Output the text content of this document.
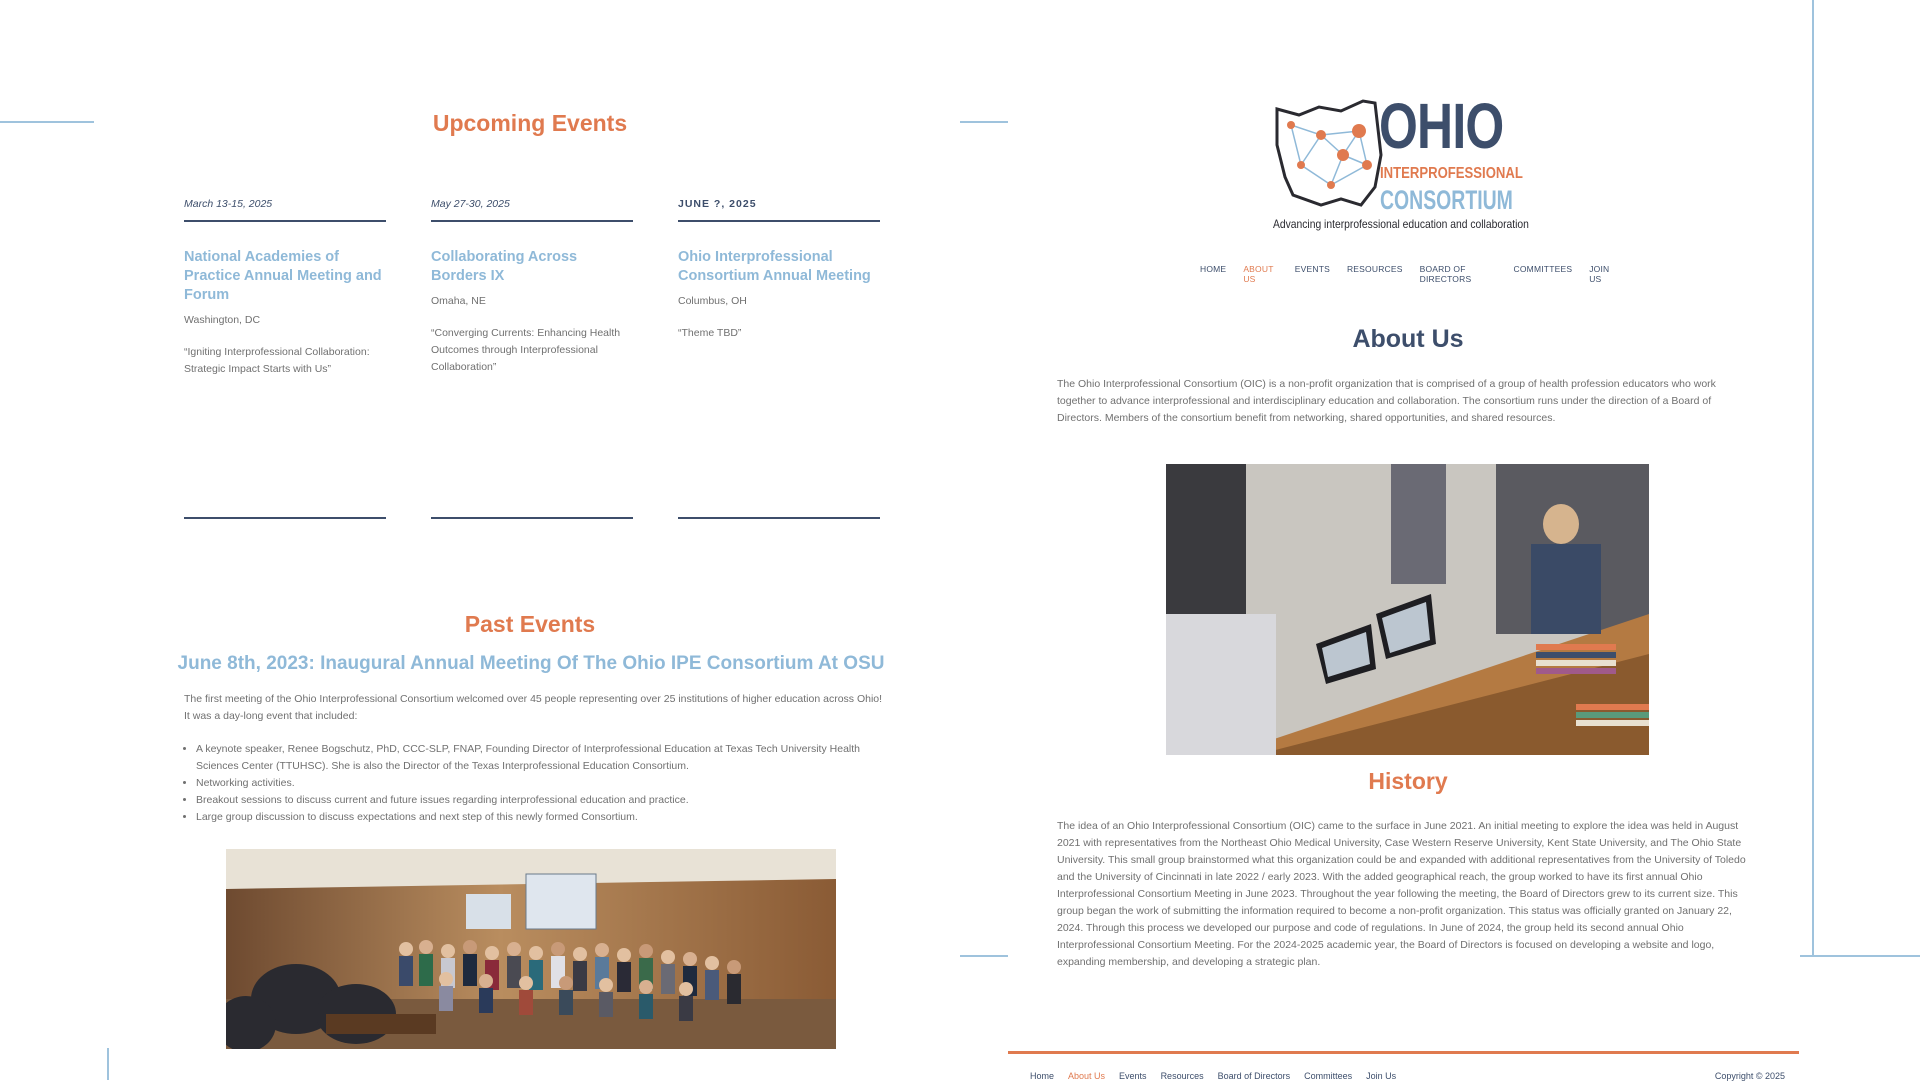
Upcoming Events
March 13-15, 2025
National Academies of Practice Annual Meeting and Forum
Washington, DC
“Igniting Interprofessional Collaboration: Strategic Impact Starts with Us”
May 27-30, 2025
Collaborating Across Borders IX
Omaha, NE
“Converging Currents: Enhancing Health Outcomes through Interprofessional Collaboration”
JUNE ?, 2025
Ohio Interprofessional Consortium Annual Meeting
Columbus, OH
“Theme TBD”
Past Events
June 8th, 2023: Inaugural Annual Meeting Of The Ohio IPE Consortium At OSU
The first meeting of the Ohio Interprofessional Consortium welcomed over 45 people representing over 25 institutions of higher education across Ohio! It was a day-long event that included:
• A keynote speaker, Renee Bogschutz, PhD, CCC-SLP, FNAP, Founding Director of Interprofessional Education at Texas Tech University Health Sciences Center (TTUHSC). She is also the Director of the Texas Interprofessional Education Consortium.
• Networking activities.
• Breakout sessions to discuss current and future issues regarding interprofessional education and practice.
• Large group discussion to discuss expectations and next step of this newly formed Consortium.
OHIO
INTERPROFESSIONAL
CONSORTIUM
Advancing interprofessional education and collaboration
HOME ABOUT US
EVENTS RESOURCES BOARD OF DIRECTORS
COMMITTEES JOIN US
About Us
The Ohio Interprofessional Consortium (OIC) is a non-profit organization that is comprised of a group of health profession educators who work together to advance interprofessional and interdisciplinary education and collaboration. The consortium runs under the direction of a Board of Directors. Members of the consortium benefit from networking, shared opportunities, and shared resources.
History
The idea of an Ohio Interprofessional Consortium (OIC) came to the surface in June 2021. An initial meeting to explore the idea was held in August 2021 with representatives from the Northeast Ohio Medical University, Case Western Reserve University, Kent State University, and The Ohio State University. This small group brainstormed what this organization could be and expanded with additional representatives from the University of Toledo and the University of Cincinnati in late 2022 / early 2023. With the added geographical reach, the group worked to have its first annual Ohio Interprofessional Consortium Meeting in June 2023. Throughout the year following the meeting, the Board of Directors grew to its current size. This group began the work of submitting the information required to become a non-profit organization. This status was officially granted on January 22, 2024. Through this process we developed our purpose and code of regulations. In June of 2024, the group held its second annual Ohio Interprofessional Consortium Meeting. For the 2024-2025 academic year, the Board of Directors is focused on developing a website and logo, expanding membership, and developing a strategic plan.
Home About Us Events Resources Board of Directors Committees Join Us	Copyright © 2025
